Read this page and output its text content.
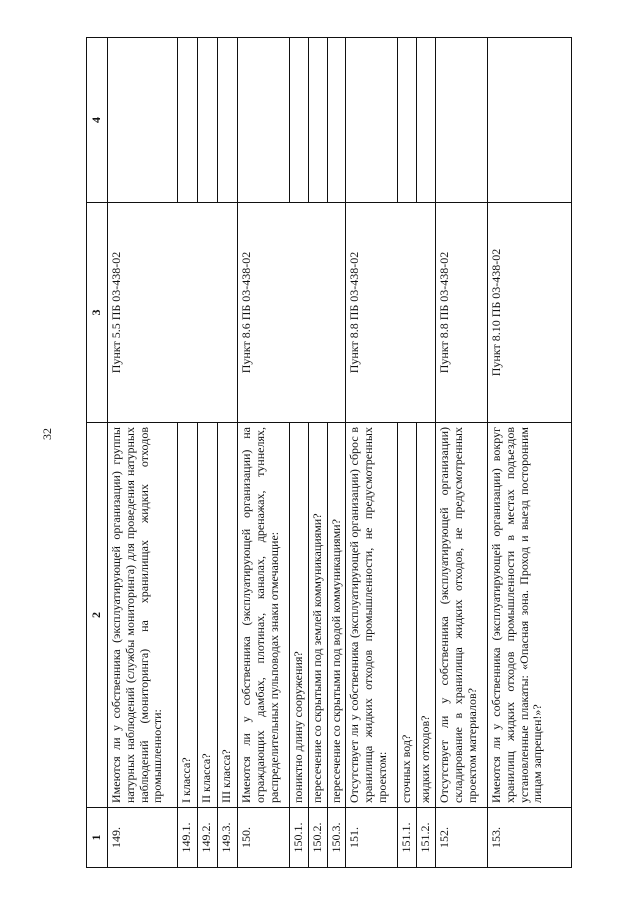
32
1	2	3	4
149.	Имеются ли у собственника (эксплуатирующей организации) группы натурных наблюдений (службы мониторинга) для проведения натурных наблюдений (мониторинга) на хранилищах жидких отходов промышленности:	Пункт 5.5 ПБ 03-438-02	
149.1.	I класса?		
149.2.	II класса?		
149.3.	III класса?		
150.	Имеются ли у собственника (эксплуатирующей организации) на ограждающих дамбах, плотинах, каналах, дренажах, туннелях, распределительных пульповодах знаки отмечающие:	Пункт 8.6 ПБ 03-438-02	
150.1.	пониктно длину сооружения?		
150.2.	пересечение со скрытыми под землей коммуникациями?		
150.3.	пересечение со скрытыми под водой коммуникациями?		
151.	Отсутствует ли у собственника (эксплуатирующей организации) сброс в хранилища жидких отходов промышленности, не предусмотренных проектом:	Пункт 8.8 ПБ 03-438-02	
151.1.	сточных вод?		
151.2.	жидких отходов?		
152.	Отсутствует ли у собственника (эксплуатирующей организации) складирование в хранилища жидких отходов, не предусмотренных проектом материалов?	Пункт 8.8 ПБ 03-438-02	
153.	Имеются ли у собственника (эксплуатирующей организации) вокруг хранилищ жидких отходов промышленности в местах подъездов установленные плакаты: «Опасная зона. Проход и выезд посторонним лицам запрещен!»?	Пункт 8.10 ПБ 03-438-02	
